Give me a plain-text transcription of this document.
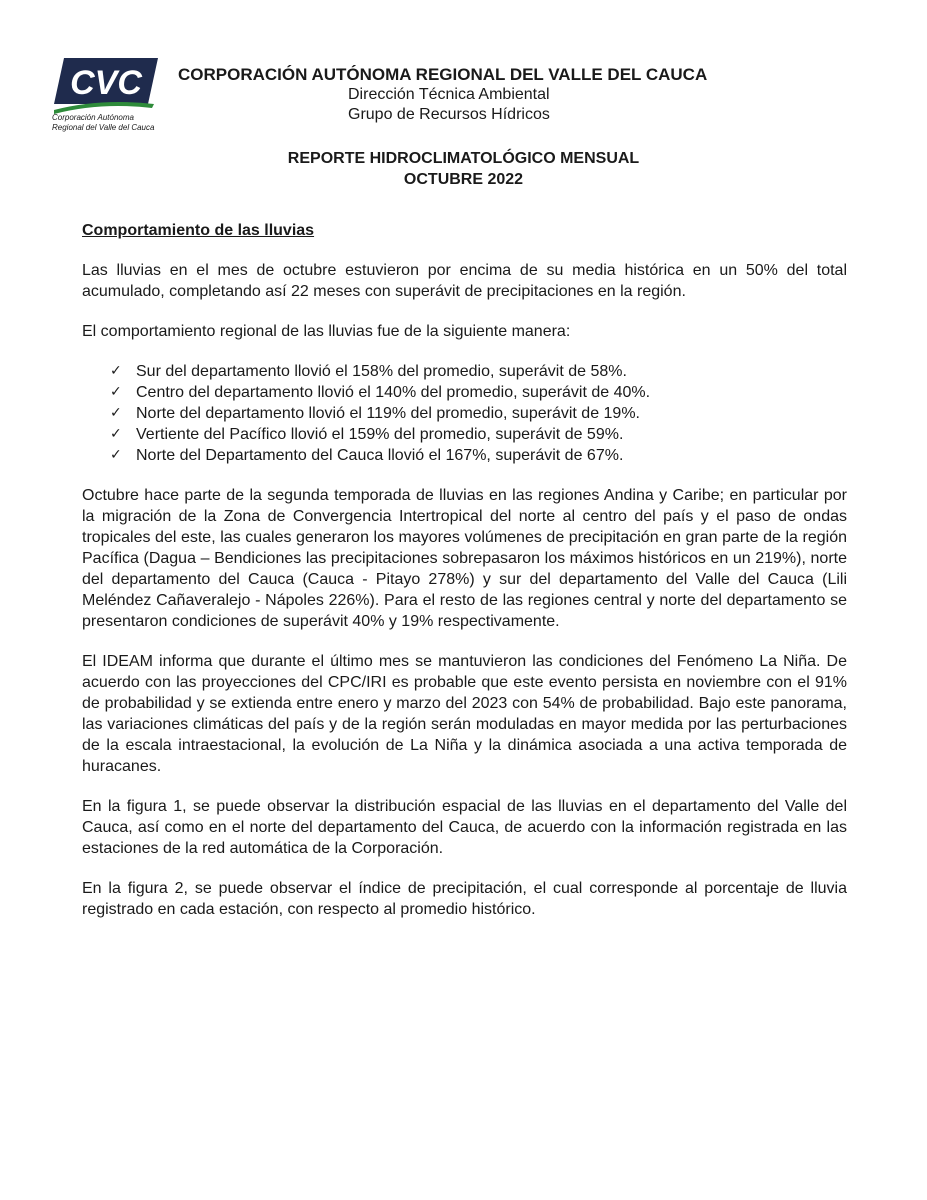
CVC
Corporación Autónoma
Regional del Valle del Cauca
CORPORACIÓN AUTÓNOMA REGIONAL DEL VALLE DEL CAUCA
Dirección Técnica Ambiental
Grupo de Recursos Hídricos
REPORTE HIDROCLIMATOLÓGICO MENSUAL
OCTUBRE 2022

Comportamiento de las lluvias

Las lluvias en el mes de octubre estuvieron por encima de su media histórica en un 50% del total acumulado, completando así 22 meses con superávit de precipitaciones en la región.

El comportamiento regional de las lluvias fue de la siguiente manera:

✓ Sur del departamento llovió el 158% del promedio, superávit de 58%.
✓ Centro del departamento llovió el 140% del promedio, superávit de 40%.
✓ Norte del departamento llovió el 119% del promedio, superávit de 19%.
✓ Vertiente del Pacífico llovió el 159% del promedio, superávit de 59%.
✓ Norte del Departamento del Cauca llovió el 167%, superávit de 67%.

Octubre hace parte de la segunda temporada de lluvias en las regiones Andina y Caribe; en particular por la migración de la Zona de Convergencia Intertropical del norte al centro del país y el paso de ondas tropicales del este, las cuales generaron los mayores volúmenes de precipitación en gran parte de la región Pacífica (Dagua – Bendiciones las precipitaciones sobrepasaron los máximos históricos en un 219%), norte del departamento del Cauca (Cauca - Pitayo 278%) y sur del departamento del Valle del Cauca (Lili Meléndez Cañaveralejo - Nápoles 226%). Para el resto de las regiones central y norte del departamento se presentaron condiciones de superávit 40% y 19% respectivamente.

El IDEAM informa que durante el último mes se mantuvieron las condiciones del Fenómeno La Niña. De acuerdo con las proyecciones del CPC/IRI es probable que este evento persista en noviembre con el 91% de probabilidad y se extienda entre enero y marzo del 2023 con 54% de probabilidad. Bajo este panorama, las variaciones climáticas del país y de la región serán moduladas en mayor medida por las perturbaciones de la escala intraestacional, la evolución de La Niña y la dinámica asociada a una activa temporada de huracanes.

En la figura 1, se puede observar la distribución espacial de las lluvias en el departamento del Valle del Cauca, así como en el norte del departamento del Cauca, de acuerdo con la información registrada en las estaciones de la red automática de la Corporación.

En la figura 2, se puede observar el índice de precipitación, el cual corresponde al porcentaje de lluvia registrado en cada estación, con respecto al promedio histórico.
